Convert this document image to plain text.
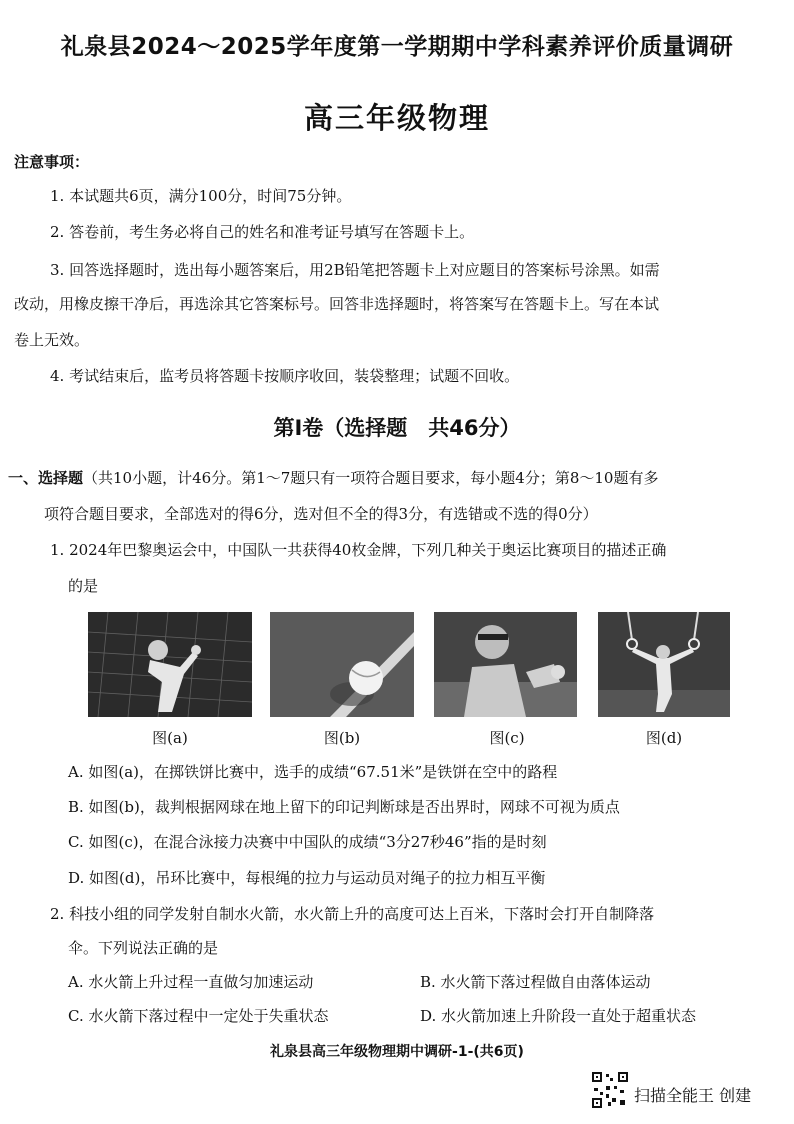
礼泉县2024～2025学年度第一学期期中学科素养评价质量调研
高三年级物理
注意事项：
1. 本试题共6页，满分100分，时间75分钟。
2. 答卷前，考生务必将自己的姓名和准考证号填写在答题卡上。
3. 回答选择题时，选出每小题答案后，用2B铅笔把答题卡上对应题目的答案标号涂黑。如需
改动，用橡皮擦干净后，再选涂其它答案标号。回答非选择题时，将答案写在答题卡上。写在本试
卷上无效。
4. 考试结束后，监考员将答题卡按顺序收回，装袋整理；试题不回收。
第Ⅰ卷（选择题　共46分）
一、选择题（共10小题，计46分。第1～7题只有一项符合题目要求，每小题4分；第8～10题有多
项符合题目要求，全部选对的得6分，选对但不全的得3分，有选错或不选的得0分）
1. 2024年巴黎奥运会中，中国队一共获得40枚金牌，下列几种关于奥运比赛项目的描述正确
的是
图(a)	图(b)	图(c)	图(d)
A. 如图(a)，在掷铁饼比赛中，选手的成绩“67.51米”是铁饼在空中的路程
B. 如图(b)，裁判根据网球在地上留下的印记判断球是否出界时，网球不可视为质点
C. 如图(c)，在混合泳接力决赛中中国队的成绩“3分27秒46”指的是时刻
D. 如图(d)，吊环比赛中，每根绳的拉力与运动员对绳子的拉力相互平衡
2. 科技小组的同学发射自制水火箭，水火箭上升的高度可达上百米，下落时会打开自制降落
伞。下列说法正确的是
A. 水火箭上升过程一直做匀加速运动	B. 水火箭下落过程做自由落体运动
C. 水火箭下落过程中一定处于失重状态	D. 水火箭加速上升阶段一直处于超重状态
礼泉县高三年级物理期中调研-1-(共6页)
扫描全能王 创建
